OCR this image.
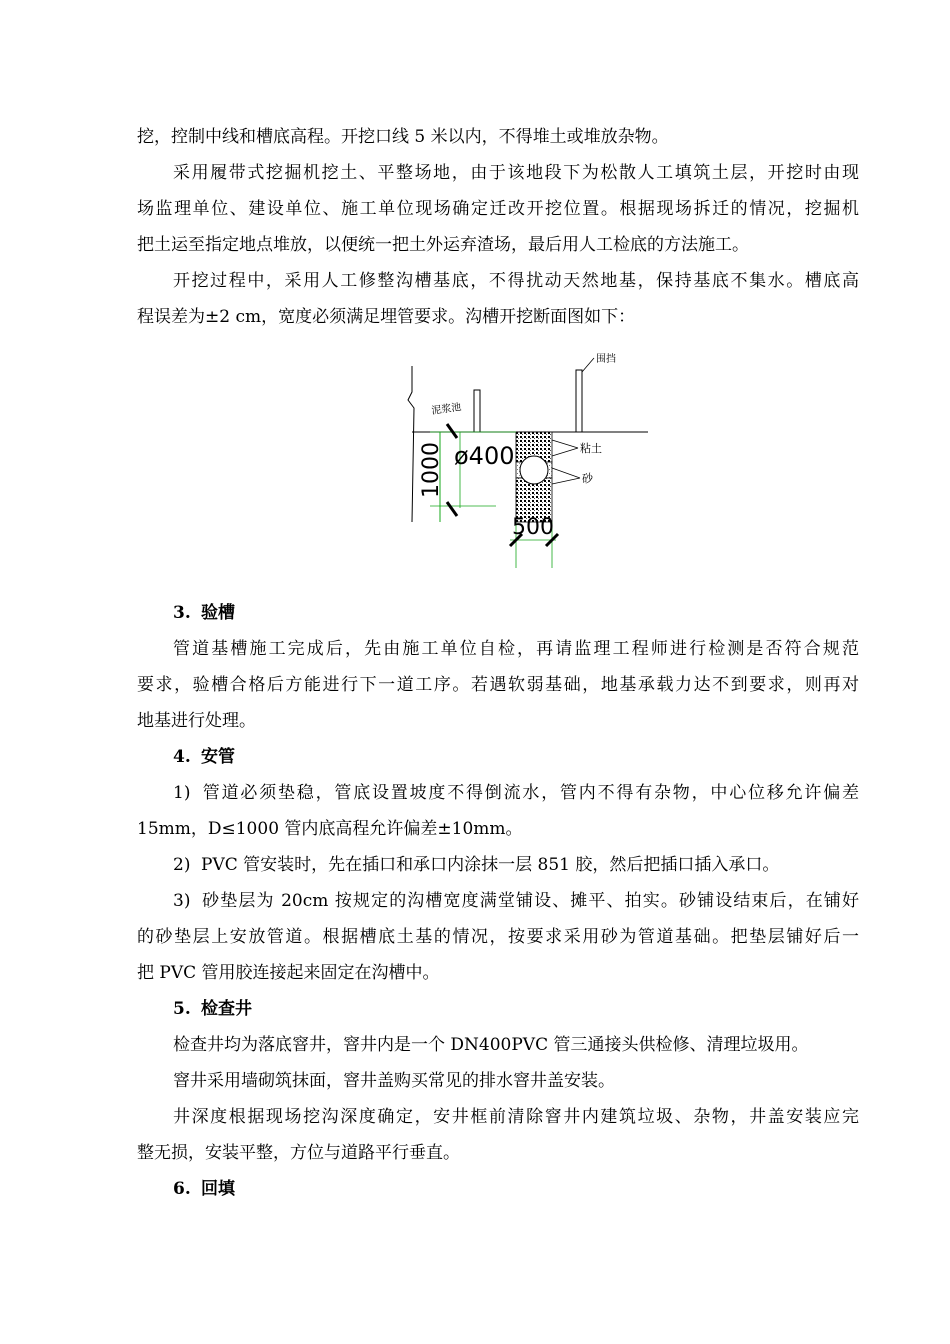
挖，控制中线和槽底高程。开挖口线 5 米以内，不得堆土或堆放杂物。
采用履带式挖掘机挖土、平整场地，由于该地段下为松散人工填筑土层，开挖时由现
场监理单位、建设单位、施工单位现场确定迁改开挖位置。根据现场拆迁的情况，挖掘机
把土运至指定地点堆放，以便统一把土外运弃渣场，最后用人工检底的方法施工。
开挖过程中，采用人工修整沟槽基底，不得扰动天然地基，保持基底不集水。槽底高
程误差为±2 cm，宽度必须满足埋管要求。沟槽开挖断面图如下：
3. 验槽
管道基槽施工完成后，先由施工单位自检，再请监理工程师进行检测是否符合规范
要求，验槽合格后方能进行下一道工序。若遇软弱基础，地基承载力达不到要求，则再对
地基进行处理。
4. 安管
1) 管道必须垫稳，管底设置坡度不得倒流水，管内不得有杂物，中心位移允许偏差
15mm，D≤1000 管内底高程允许偏差±10mm。
2) PVC 管安装时，先在插口和承口内涂抹一层 851 胶，然后把插口插入承口。
3) 砂垫层为 20cm 按规定的沟槽宽度满堂铺设、摊平、拍实。砂铺设结束后，在铺好
的砂垫层上安放管道。根据槽底土基的情况，按要求采用砂为管道基础。把垫层铺好后一
把 PVC 管用胶连接起来固定在沟槽中。
5. 检查井
检查井均为落底窨井，窨井内是一个 DN400PVC 管三通接头供检修、清理垃圾用。
窨井采用墙砌筑抹面，窨井盖购买常见的排水窨井盖安装。
井深度根据现场挖沟深度确定，安井框前清除窨井内建筑垃圾、杂物，井盖安装应完
整无损，安装平整，方位与道路平行垂直。
6. 回填
1000 ø400
500
围挡
泥浆池
粘土
砂
